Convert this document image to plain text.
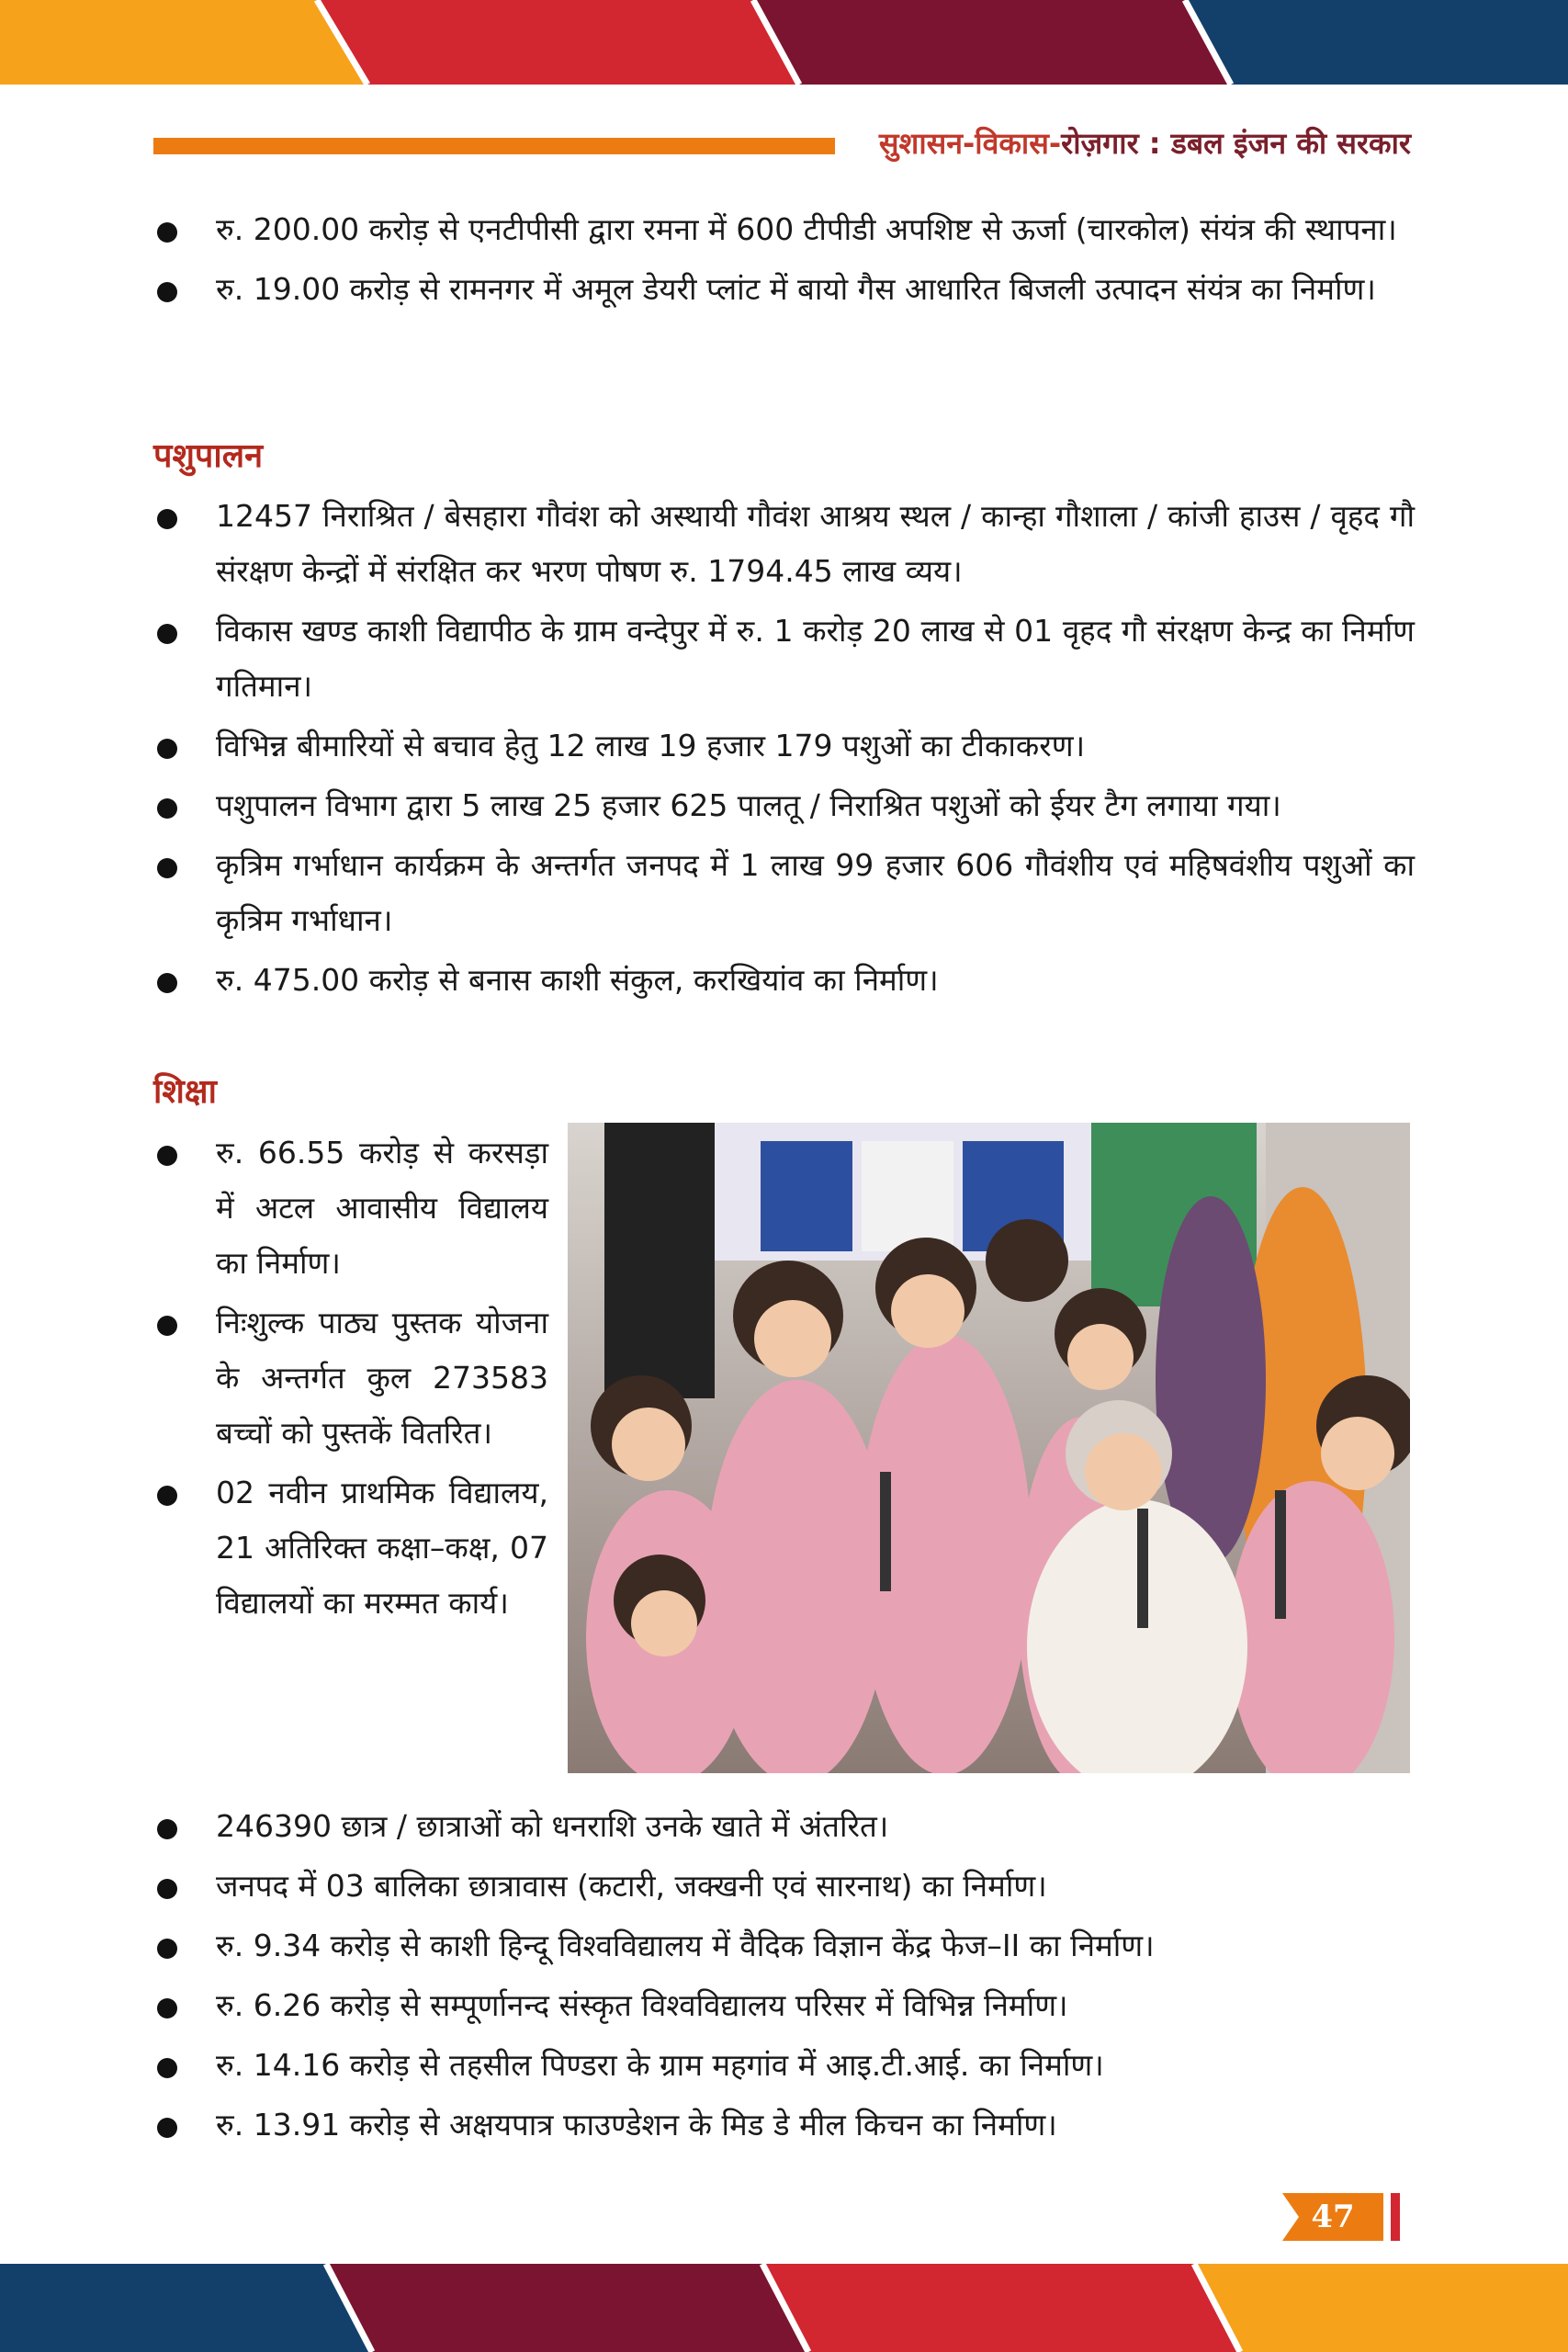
सुशासन-विकास-रोज़गार : डबल इंजन की सरकार
रु. 200.00 करोड़ से एनटीपीसी द्वारा रमना में 600 टीपीडी अपशिष्ट से ऊर्जा (चारकोल) संयंत्र की स्थापना।
रु. 19.00 करोड़ से रामनगर में अमूल डेयरी प्लांट में बायो गैस आधारित बिजली उत्पादन संयंत्र का निर्माण।
पशुपालन
12457 निराश्रित / बेसहारा गौवंश को अस्थायी गौवंश आश्रय स्थल / कान्हा गौशाला / कांजी हाउस / वृहद गौ संरक्षण केन्द्रों में संरक्षित कर भरण पोषण रु. 1794.45 लाख व्यय।
विकास खण्ड काशी विद्यापीठ के ग्राम वन्देपुर में रु. 1 करोड़ 20 लाख से 01 वृहद गौ संरक्षण केन्द्र का निर्माण गतिमान।
विभिन्न बीमारियों से बचाव हेतु 12 लाख 19 हजार 179 पशुओं का टीकाकरण।
पशुपालन विभाग द्वारा 5 लाख 25 हजार 625 पालतू / निराश्रित पशुओं को ईयर टैग लगाया गया।
कृत्रिम गर्भाधान कार्यक्रम के अन्तर्गत जनपद में 1 लाख 99 हजार 606 गौवंशीय एवं महिषवंशीय पशुओं का कृत्रिम गर्भाधान।
रु. 475.00 करोड़ से बनास काशी संकुल, करखियांव का निर्माण।
शिक्षा
रु. 66.55 करोड़ से करसड़ा में अटल आवासीय विद्यालय का निर्माण।
निःशुल्क पाठ्य पुस्तक योजना के अन्तर्गत कुल 273583 बच्चों को पुस्तकें वितरित।
02 नवीन प्राथमिक विद्यालय, 21 अतिरिक्त कक्षा–कक्ष, 07 विद्यालयों का मरम्मत कार्य।
246390 छात्र / छात्राओं को धनराशि उनके खाते में अंतरित।
जनपद में 03 बालिका छात्रावास (कटारी, जक्खनी एवं सारनाथ) का निर्माण।
रु. 9.34 करोड़ से काशी हिन्दू विश्वविद्यालय में वैदिक विज्ञान केंद्र फेज–II का निर्माण।
रु. 6.26 करोड़ से सम्पूर्णानन्द संस्कृत विश्वविद्यालय परिसर में विभिन्न निर्माण।
रु. 14.16 करोड़ से तहसील पिण्डरा के ग्राम महगांव में आइ.टी.आई. का निर्माण।
रु. 13.91 करोड़ से अक्षयपात्र फाउण्डेशन के मिड डे मील किचन का निर्माण।
47
